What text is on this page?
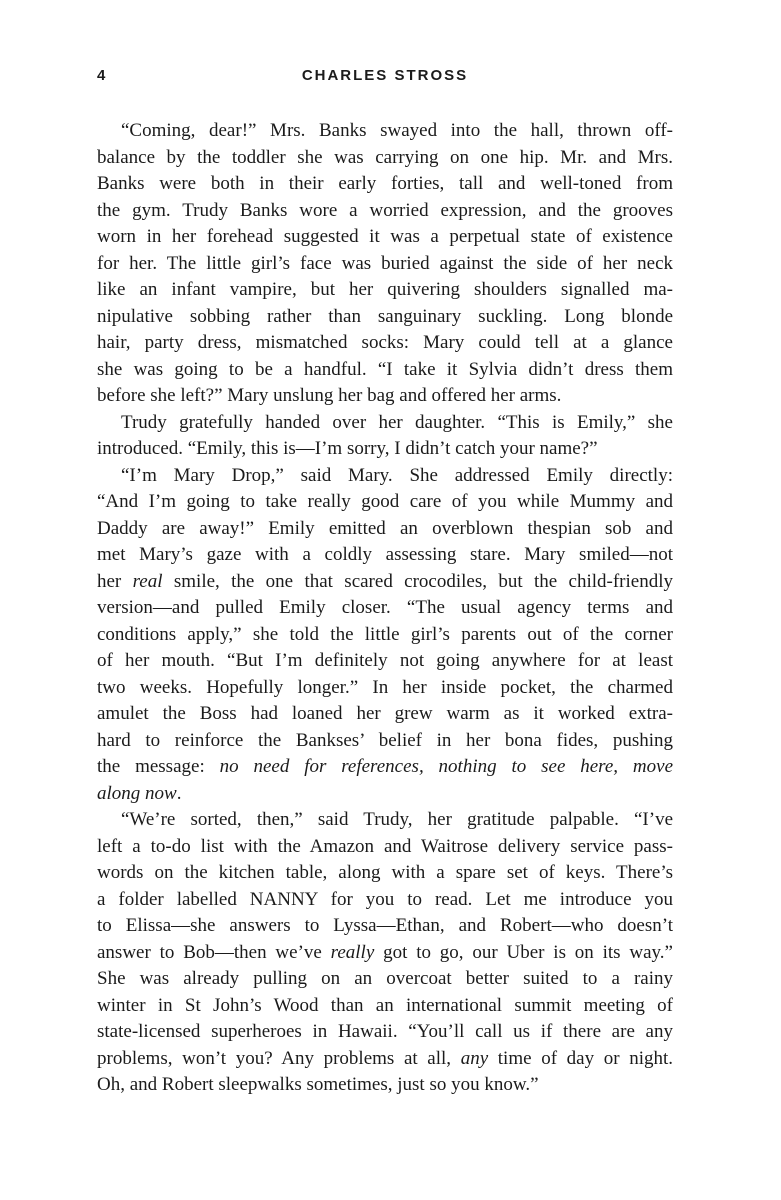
4	CHARLES STROSS
“Coming, dear!” Mrs. Banks swayed into the hall, thrown off-
balance by the toddler she was carrying on one hip. Mr. and Mrs.
Banks were both in their early forties, tall and well-toned from
the gym. Trudy Banks wore a worried expression, and the grooves
worn in her forehead suggested it was a perpetual state of existence
for her. The little girl’s face was buried against the side of her neck
like an infant vampire, but her quivering shoulders signalled ma-
nipulative sobbing rather than sanguinary suckling. Long blonde
hair, party dress, mismatched socks: Mary could tell at a glance
she was going to be a handful. “I take it Sylvia didn’t dress them
before she left?” Mary unslung her bag and offered her arms.
Trudy gratefully handed over her daughter. “This is Emily,” she
introduced. “Emily, this is—I’m sorry, I didn’t catch your name?”
“I’m Mary Drop,” said Mary. She addressed Emily directly:
“And I’m going to take really good care of you while Mummy and
Daddy are away!” Emily emitted an overblown thespian sob and
met Mary’s gaze with a coldly assessing stare. Mary smiled—not
her real smile, the one that scared crocodiles, but the child-friendly
version—and pulled Emily closer. “The usual agency terms and
conditions apply,” she told the little girl’s parents out of the corner
of her mouth. “But I’m definitely not going anywhere for at least
two weeks. Hopefully longer.” In her inside pocket, the charmed
amulet the Boss had loaned her grew warm as it worked extra-
hard to reinforce the Bankses’ belief in her bona fides, pushing
the message: no need for references, nothing to see here, move
along now.
“We’re sorted, then,” said Trudy, her gratitude palpable. “I’ve
left a to-do list with the Amazon and Waitrose delivery service pass-
words on the kitchen table, along with a spare set of keys. There’s
a folder labelled NANNY for you to read. Let me introduce you
to Elissa—she answers to Lyssa—Ethan, and Robert—who doesn’t
answer to Bob—then we’ve really got to go, our Uber is on its way.”
She was already pulling on an overcoat better suited to a rainy
winter in St John’s Wood than an international summit meeting of
state-licensed superheroes in Hawaii. “You’ll call us if there are any
problems, won’t you? Any problems at all, any time of day or night.
Oh, and Robert sleepwalks sometimes, just so you know.”
